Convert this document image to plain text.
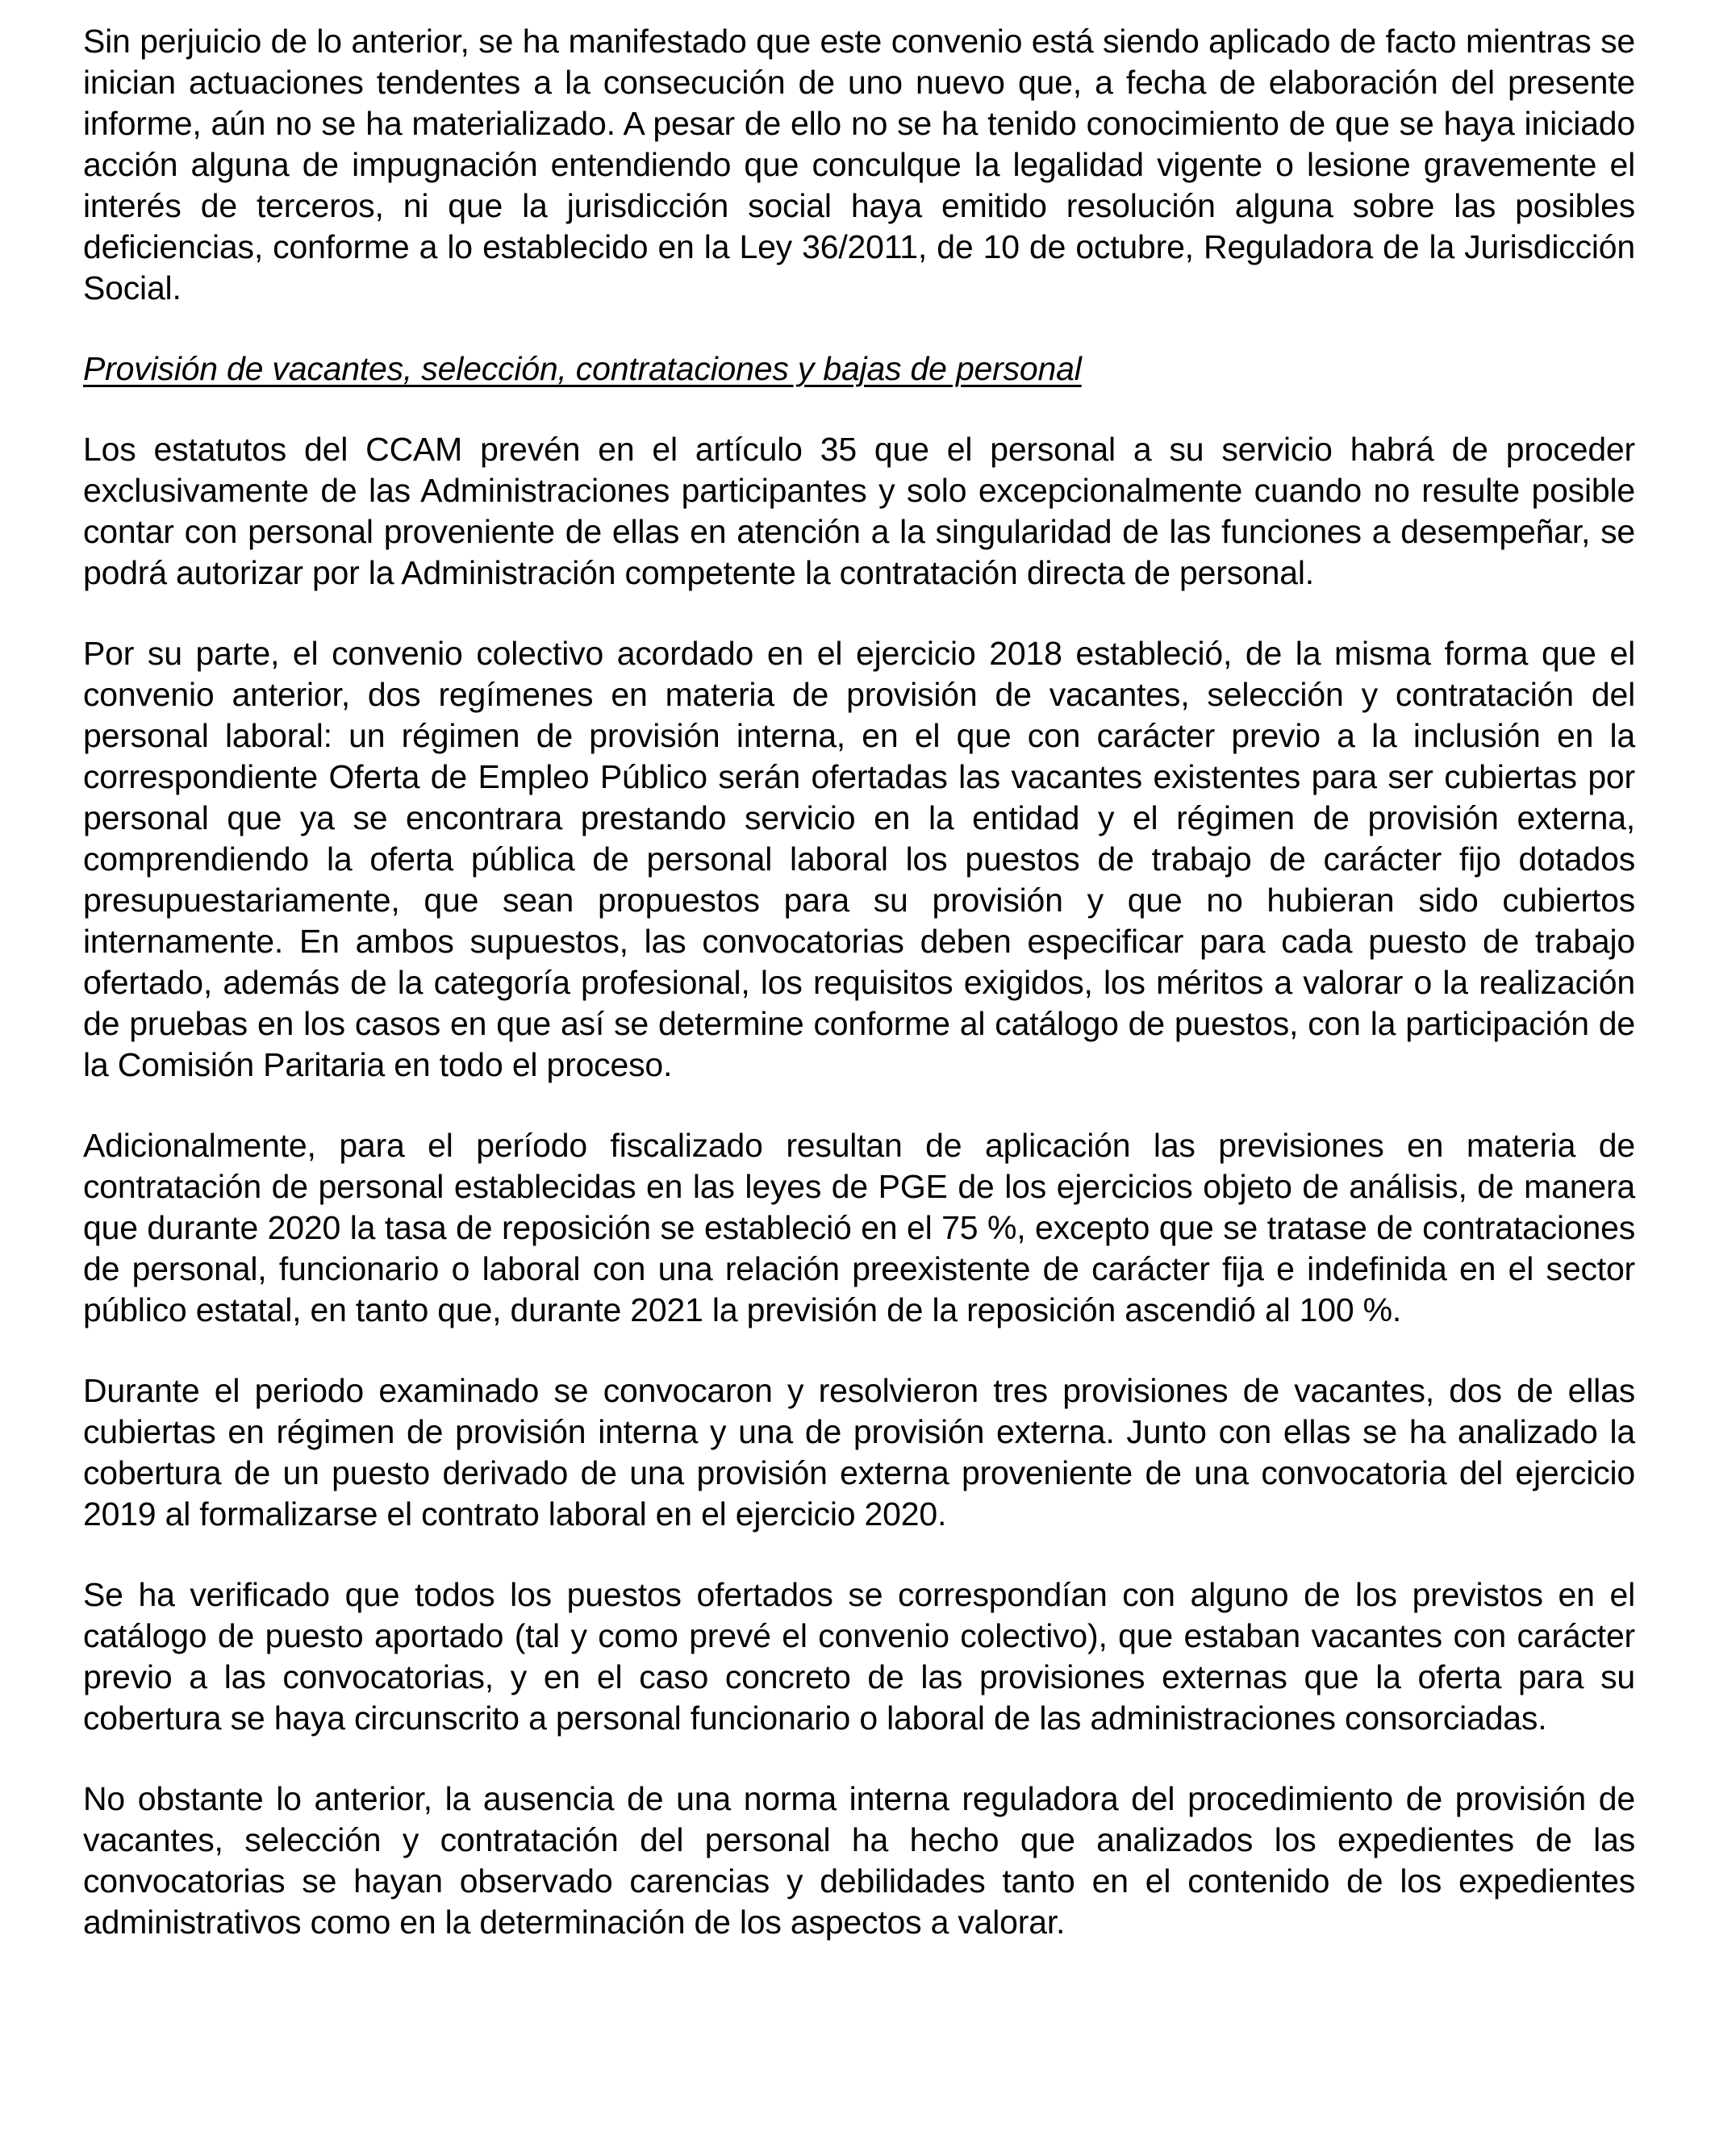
Sin perjuicio de lo anterior, se ha manifestado que este convenio está siendo aplicado de facto mientras se inician actuaciones tendentes a la consecución de uno nuevo que, a fecha de elaboración del presente informe, aún no se ha materializado. A pesar de ello no se ha tenido conocimiento de que se haya iniciado acción alguna de impugnación entendiendo que conculque la legalidad vigente o lesione gravemente el interés de terceros, ni que la jurisdicción social haya emitido resolución alguna sobre las posibles deficiencias, conforme a lo establecido en la Ley 36/2011, de 10 de octubre, Reguladora de la Jurisdicción Social.

Provisión de vacantes, selección, contrataciones y bajas de personal

Los estatutos del CCAM prevén en el artículo 35 que el personal a su servicio habrá de proceder exclusivamente de las Administraciones participantes y solo excepcionalmente cuando no resulte posible contar con personal proveniente de ellas en atención a la singularidad de las funciones a desempeñar, se podrá autorizar por la Administración competente la contratación directa de personal.

Por su parte, el convenio colectivo acordado en el ejercicio 2018 estableció, de la misma forma que el convenio anterior, dos regímenes en materia de provisión de vacantes, selección y contratación del personal laboral: un régimen de provisión interna, en el que con carácter previo a la inclusión en la correspondiente Oferta de Empleo Público serán ofertadas las vacantes existentes para ser cubiertas por personal que ya se encontrara prestando servicio en la entidad y el régimen de provisión externa, comprendiendo la oferta pública de personal laboral los puestos de trabajo de carácter fijo dotados presupuestariamente, que sean propuestos para su provisión y que no hubieran sido cubiertos internamente. En ambos supuestos, las convocatorias deben especificar para cada puesto de trabajo ofertado, además de la categoría profesional, los requisitos exigidos, los méritos a valorar o la realización de pruebas en los casos en que así se determine conforme al catálogo de puestos, con la participación de la Comisión Paritaria en todo el proceso.

Adicionalmente, para el período fiscalizado resultan de aplicación las previsiones en materia de contratación de personal establecidas en las leyes de PGE de los ejercicios objeto de análisis, de manera que durante 2020 la tasa de reposición se estableció en el 75 %, excepto que se tratase de contrataciones de personal, funcionario o laboral con una relación preexistente de carácter fija e indefinida en el sector público estatal, en tanto que, durante 2021 la previsión de la reposición ascendió al 100 %.

Durante el periodo examinado se convocaron y resolvieron tres provisiones de vacantes, dos de ellas cubiertas en régimen de provisión interna y una de provisión externa. Junto con ellas se ha analizado la cobertura de un puesto derivado de una provisión externa proveniente de una convocatoria del ejercicio 2019 al formalizarse el contrato laboral en el ejercicio 2020.

Se ha verificado que todos los puestos ofertados se correspondían con alguno de los previstos en el catálogo de puesto aportado (tal y como prevé el convenio colectivo), que estaban vacantes con carácter previo a las convocatorias, y en el caso concreto de las provisiones externas que la oferta para su cobertura se haya circunscrito a personal funcionario o laboral de las administraciones consorciadas.

No obstante lo anterior, la ausencia de una norma interna reguladora del procedimiento de provisión de vacantes, selección y contratación del personal ha hecho que analizados los expedientes de las convocatorias se hayan observado carencias y debilidades tanto en el contenido de los expedientes administrativos como en la determinación de los aspectos a valorar.
